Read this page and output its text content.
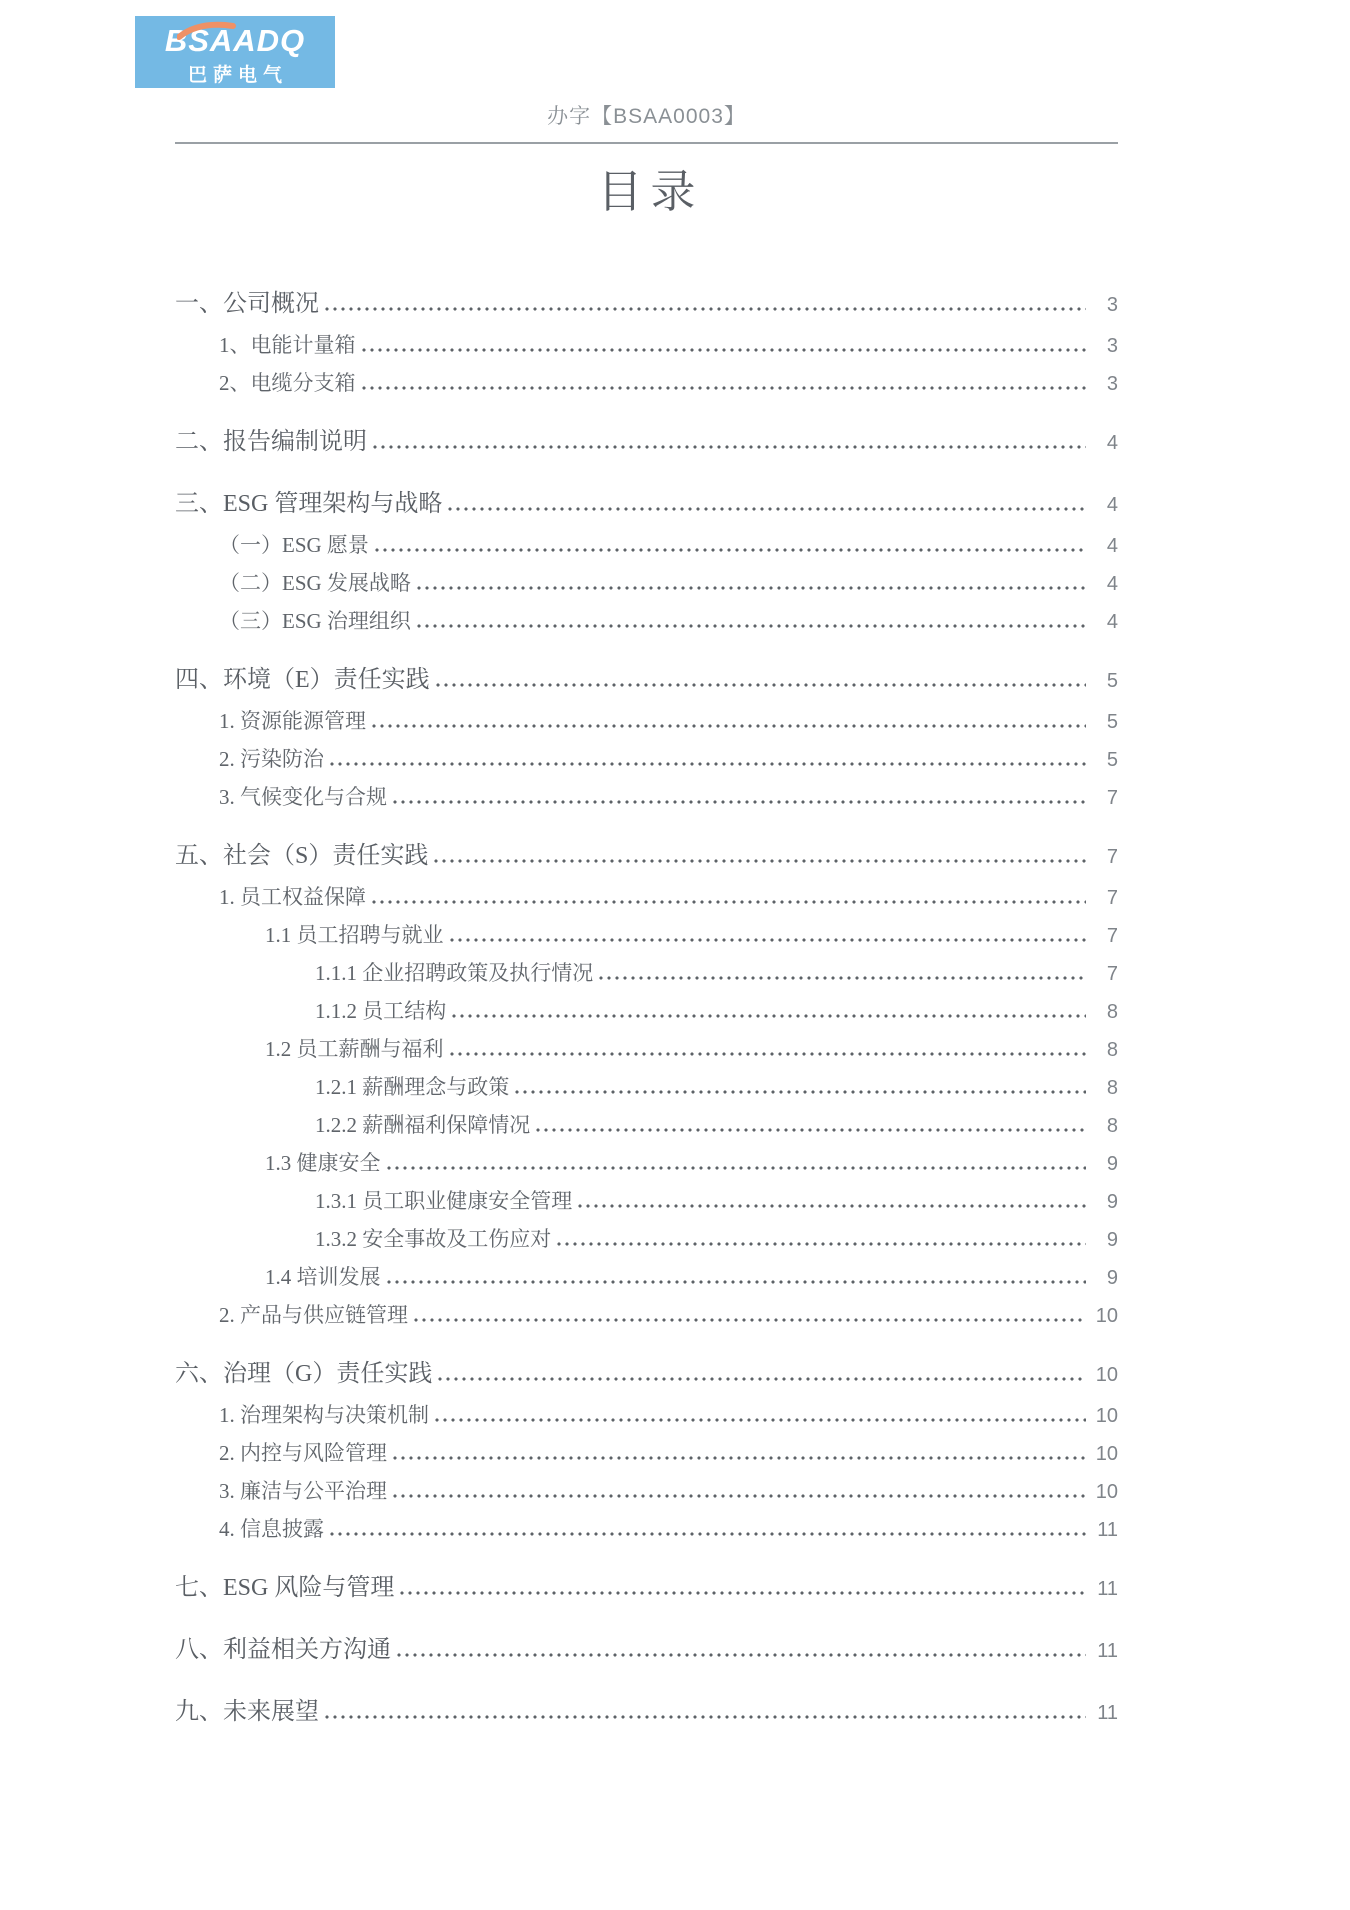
BSAADQ
巴萨电气
办字【BSAA0003】
目录
一、公司概况	3
1、电能计量箱	3
2、电缆分支箱	3
二、报告编制说明	4
三、ESG 管理架构与战略	4
（一）ESG 愿景	4
（二）ESG 发展战略	4
（三）ESG 治理组织	4
四、环境（E）责任实践	5
1. 资源能源管理	5
2. 污染防治	5
3. 气候变化与合规	7
五、社会（S）责任实践	7
1. 员工权益保障	7
1.1 员工招聘与就业	7
1.1.1 企业招聘政策及执行情况	7
1.1.2 员工结构	8
1.2 员工薪酬与福利	8
1.2.1 薪酬理念与政策	8
1.2.2 薪酬福利保障情况	8
1.3 健康安全	9
1.3.1 员工职业健康安全管理	9
1.3.2 安全事故及工伤应对	9
1.4 培训发展	9
2. 产品与供应链管理	10
六、治理（G）责任实践	10
1. 治理架构与决策机制	10
2. 内控与风险管理	10
3. 廉洁与公平治理	10
4. 信息披露	11
七、ESG 风险与管理	11
八、利益相关方沟通	11
九、未来展望	11
